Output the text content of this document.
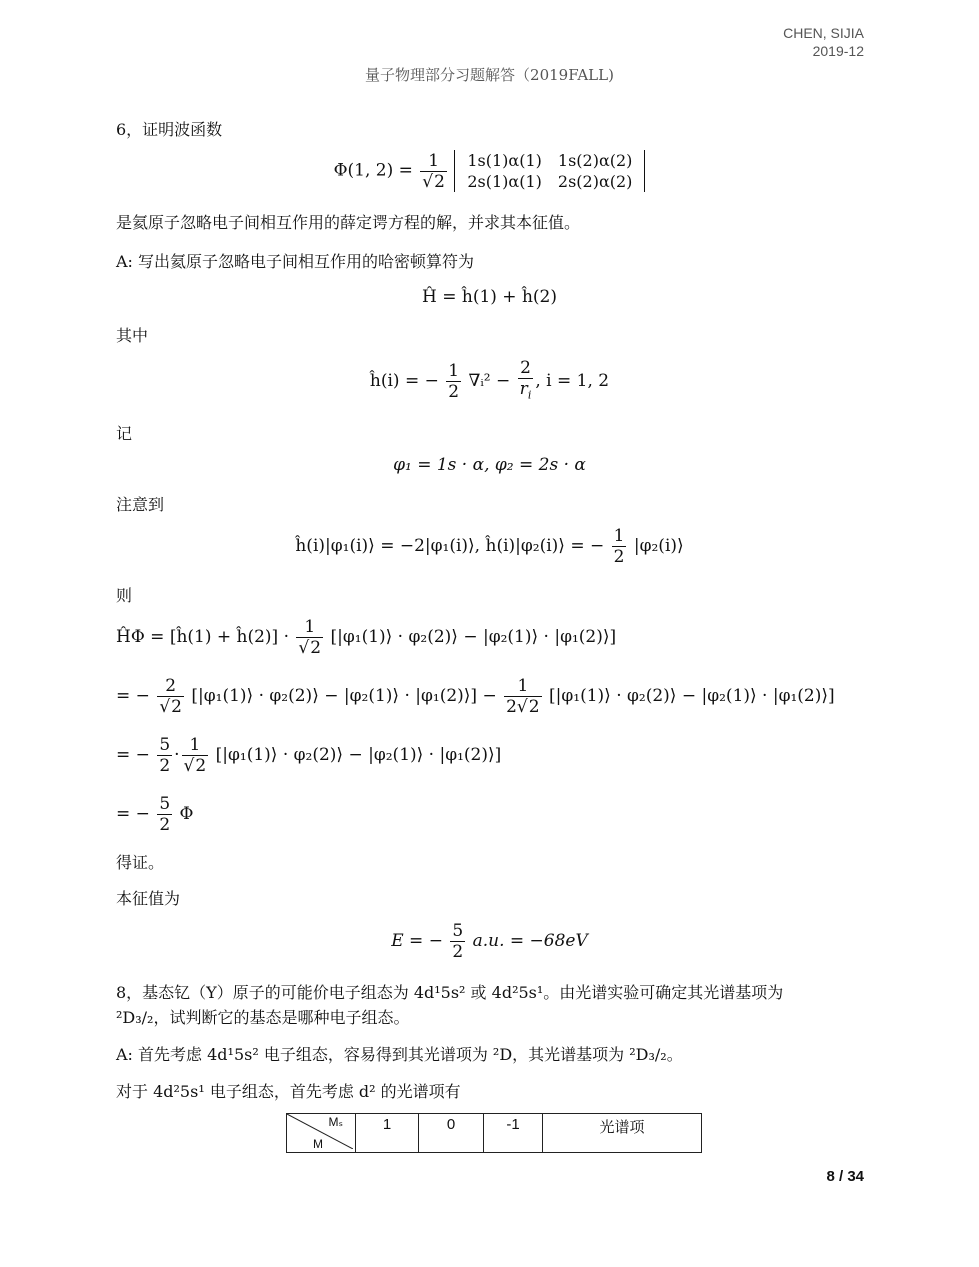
CHEN, SIJIA
2019-12
量子物理部分习题解答（2019FALL)
6，证明波函数
Φ(1, $2) = \frac{1}{√2}$
1s(1)α(1)	1s(2)α(2)
2s(1)α(1)	2s(2)α(2)
是氦原子忽略电子间相互作用的薛定谔方程的解，并求其本征值。
A: 写出氦原子忽略电子间相互作用的哈密顿算符为
Ĥ = ĥ(1) + ĥ(2)
其中
ĥ(i) = − $\frac{1}{2}$ ∇ᵢ² − $\frac{2}{r_i}$ , i = 1, 2
记
φ₁ = 1s · α, φ₂ = 2s · α
注意到
ĥ(i)|φ₁(i)⟩ = −2|φ₁(i)⟩, ĥ(i)|φ₂(i)⟩ = − $\frac{1}{2}$ |φ₂(i)⟩
则
ĤΦ = [ĥ(1) + ĥ(2)] · $\frac{1}{√2}$ [|φ₁(1)⟩ · φ₂(2)⟩ − |φ₂(1)⟩ · |φ₁(2)⟩]
= − $\frac{2}{√2}$ [|φ₁(1)⟩ · φ₂(2)⟩ − |φ₂(1)⟩ · |φ₁(2)⟩] − $\frac{1}{2√2}$ [|φ₁(1)⟩ · φ₂(2)⟩ − |φ₂(1)⟩ · |φ₁(2)⟩]
= − $\frac{5}{2} \cdot \frac{1}{√2}$ [|φ₁(1)⟩ · φ₂(2)⟩ − |φ₂(1)⟩ · |φ₁(2)⟩]
= − $\frac{5}{2}$ Φ
得证。
本征值为
E = − $\frac{5}{2} a.u$. = −68eV
8，基态钇（Y）原子的可能价电子组态为 4d¹5s² 或 4d²5s¹。由光谱实验可确定其光谱基项为
²D₃/₂，试判断它的基态是哪种电子组态。
A: 首先考虑 4d¹5s² 电子组态，容易得到其光谱项为 ²D，其光谱基项为 ²D₃/₂。
对于 4d²5s¹ 电子组态，首先考虑 d² 的光谱项有
Mₛ
M
	1	0	-1	光谱项
8 / 34
